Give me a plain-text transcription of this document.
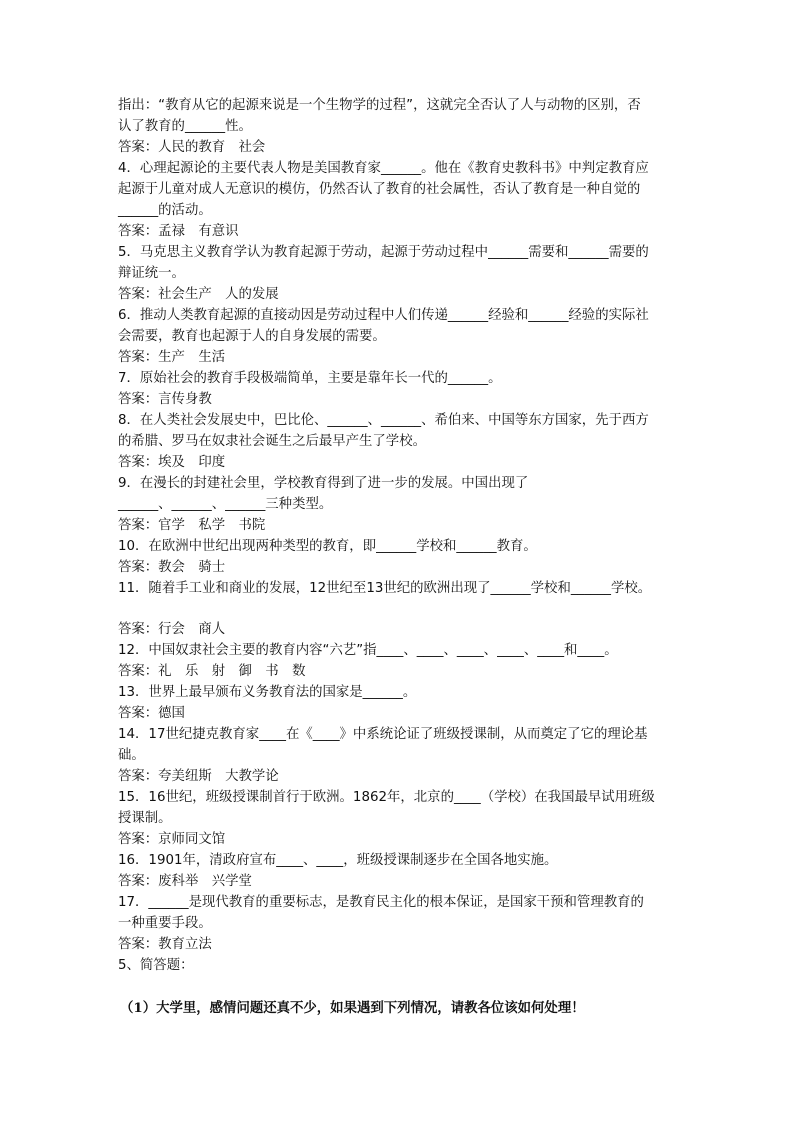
指出：“教育从它的起源来说是一个生物学的过程”，这就完全否认了人与动物的区别，否
认了教育的______性。
答案：人民的教育　社会
4．心理起源论的主要代表人物是美国教育家______。他在《教育史教科书》中判定教育应
起源于儿童对成人无意识的模仿，仍然否认了教育的社会属性，否认了教育是一种自觉的
______的活动。
答案：孟禄　有意识
5．马克思主义教育学认为教育起源于劳动，起源于劳动过程中______需要和______需要的
辩证统一。
答案：社会生产　人的发展
6．推动人类教育起源的直接动因是劳动过程中人们传递______经验和______经验的实际社
会需要，教育也起源于人的自身发展的需要。
答案：生产　生活
7．原始社会的教育手段极端简单，主要是靠年长一代的______。
答案：言传身教
8．在人类社会发展史中，巴比伦、______、______、希伯来、中国等东方国家，先于西方
的希腊、罗马在奴隶社会诞生之后最早产生了学校。
答案：埃及　印度
9．在漫长的封建社会里，学校教育得到了进一步的发展。中国出现了
______、______、______三种类型。
答案：官学　私学　书院
10．在欧洲中世纪出现两种类型的教育，即______学校和______教育。
答案：教会　骑士
11．随着手工业和商业的发展，12世纪至13世纪的欧洲出现了______学校和______学校。
答案：行会　商人
12．中国奴隶社会主要的教育内容“六艺”指____、____、____、____、____和____。
答案：礼　乐　射　御　书　数
13．世界上最早颁布义务教育法的国家是______。
答案：德国
14．17世纪捷克教育家____在《____》中系统论证了班级授课制，从而奠定了它的理论基
础。
答案：夸美纽斯　大教学论
15．16世纪，班级授课制首行于欧洲。1862年，北京的____（学校）在我国最早试用班级
授课制。
答案：京师同文馆
16．1901年，清政府宣布____、____，班级授课制逐步在全国各地实施。
答案：废科举　兴学堂
17．______是现代教育的重要标志，是教育民主化的根本保证，是国家干预和管理教育的
一种重要手段。
答案：教育立法
5、简答题：
（1）大学里，感情问题还真不少，如果遇到下列情况，请教各位该如何处理！
